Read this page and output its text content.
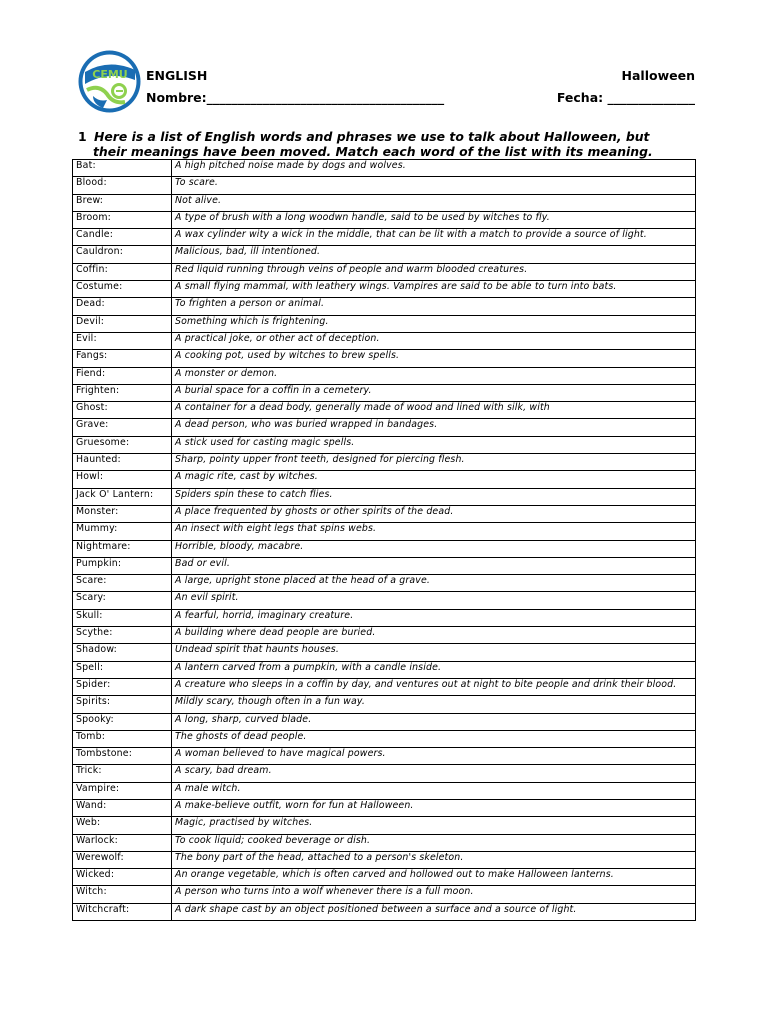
CEMU ENGLISH	Halloween
Nombre:______________________________________	Fecha: ______________
1 Here is a list of English words and phrases we use to talk about Halloween, but
their meanings have been moved. Match each word of the list with its meaning.
Bat:	A high pitched noise made by dogs and wolves.
Blood:	To scare.
Brew:	Not alive.
Broom:	A type of brush with a long woodwn handle, said to be used by witches to fly.
Candle:	A wax cylinder wity a wick in the middle, that can be lit with a match to provide a source of light.
Cauldron:	Malicious, bad, ill intentioned.
Coffin:	Red liquid running through veins of people and warm blooded creatures.
Costume:	A small flying mammal, with leathery wings. Vampires are said to be able to turn into bats.
Dead:	To frighten a person or animal.
Devil:	Something which is frightening.
Evil:	A practical joke, or other act of deception.
Fangs:	A cooking pot, used by witches to brew spells.
Fiend:	A monster or demon.
Frighten:	A burial space for a coffin in a cemetery.
Ghost:	A container for a dead body, generally made of wood and lined with silk, with
Grave:	A dead person, who was buried wrapped in bandages.
Gruesome:	A stick used for casting magic spells.
Haunted:	Sharp, pointy upper front teeth, designed for piercing flesh.
Howl:	A magic rite, cast by witches.
Jack O' Lantern:	Spiders spin these to catch flies.
Monster:	A place frequented by ghosts or other spirits of the dead.
Mummy:	An insect with eight legs that spins webs.
Nightmare:	Horrible, bloody, macabre.
Pumpkin:	Bad or evil.
Scare:	A large, upright stone placed at the head of a grave.
Scary:	An evil spirit.
Skull:	A fearful, horrid, imaginary creature.
Scythe:	A building where dead people are buried.
Shadow:	Undead spirit that haunts houses.
Spell:	A lantern carved from a pumpkin, with a candle inside.
Spider:	A creature who sleeps in a coffin by day, and ventures out at night to bite people and drink their blood.
Spirits:	Mildly scary, though often in a fun way.
Spooky:	A long, sharp, curved blade.
Tomb:	The ghosts of dead people.
Tombstone:	A woman believed to have magical powers.
Trick:	A scary, bad dream.
Vampire:	A male witch.
Wand:	A make-believe outfit, worn for fun at Halloween.
Web:	Magic, practised by witches.
Warlock:	To cook liquid; cooked beverage or dish.
Werewolf:	The bony part of the head, attached to a person's skeleton.
Wicked:	An orange vegetable, which is often carved and hollowed out to make Halloween lanterns.
Witch:	A person who turns into a wolf whenever there is a full moon.
Witchcraft:	A dark shape cast by an object positioned between a surface and a source of light.
